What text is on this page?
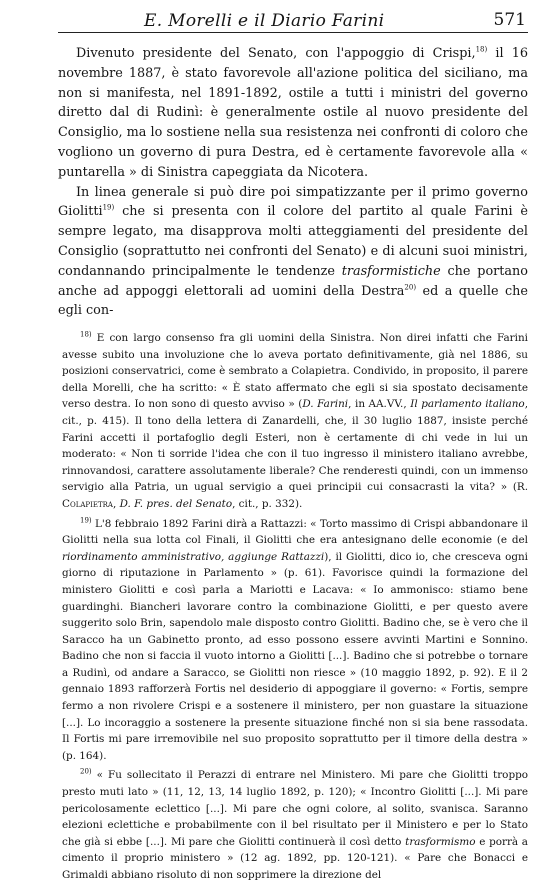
E. Morelli e il Diario Farini	571

Divenuto presidente del Senato, con l'appoggio di Crispi,$^{18)}$ il 16 novembre 1887, è stato favorevole all'azione politica del siciliano, ma non si manifesta, nel 1891-1892, ostile a tutti i ministri del governo diretto dal di Rudinì: è generalmente ostile al nuovo presidente del Consiglio, ma lo sostiene nella sua resistenza nei confronti di coloro che vogliono un governo di pura Destra, ed è certamente favorevole alla « puntarella » di Sinistra capeggiata da Nicotera.

In linea generale si può dire poi simpatizzante per il primo governo Giolitti$^{19)}$ che si presenta con il colore del partito al quale Farini è sempre legato, ma disapprova molti atteggiamenti del presidente del Consiglio (soprattutto nei confronti del Senato) e di alcuni suoi ministri, condannando principalmente le tendenze trasformistiche che portano anche ad appoggi elettorali ad uomini della Destra$^{20)}$ ed a quelle che egli con-

$^{18)}$ E con largo consenso fra gli uomini della Sinistra. Non direi infatti che Farini avesse subito una involuzione che lo aveva portato definitivamente, già nel 1886, su posizioni conservatrici, come è sembrato a Colapietra. Condivido, in proposito, il parere della Morelli, che ha scritto: « È stato affermato che egli si sia spostato decisamente verso destra. Io non sono di questo avviso » (D. Farini, in AA.VV., Il parlamento italiano, cit., p. 415). Il tono della lettera di Zanardelli, che, il 30 luglio 1887, insiste perché Farini accetti il portafoglio degli Esteri, non è certamente di chi vede in lui un moderato: « Non ti sorride l'idea che con il tuo ingresso il ministero italiano avrebbe, rinnovandosi, carattere assolutamente liberale? Che renderesti quindi, con un immenso servigio alla Patria, un ugual servigio a quei principii cui consacrasti la vita? » (R. Colapietra, D. F. pres. del Senato, cit., p. 332).

$^{19)}$ L'8 febbraio 1892 Farini dirà a Rattazzi: « Torto massimo di Crispi abbandonare il Giolitti nella sua lotta col Finali, il Giolitti che era antesignano delle economie (e del riordinamento amministrativo, aggiunge Rattazzi), il Giolitti, dico io, che cresceva ogni giorno di riputazione in Parlamento » (p. 61). Favorisce quindi la formazione del ministero Giolitti e così parla a Mariotti e Lacava: « Io ammonisco: stiamo bene guardinghi. Biancheri lavorare contro la combinazione Giolitti, e per questo avere suggerito solo Brin, sapendolo male disposto contro Giolitti. Badino che, se è vero che il Saracco ha un Gabinetto pronto, ad esso possono essere avvinti Martini e Sonnino. Badino che non si faccia il vuoto intorno a Giolitti [...]. Badino che si potrebbe o tornare a Rudinì, od andare a Saracco, se Giolitti non riesce » (10 maggio 1892, p. 92). E il 2 gennaio 1893 rafforzerà Fortis nel desiderio di appoggiare il governo: « Fortis, sempre fermo a non rivolere Crispi e a sostenere il ministero, per non guastare la situazione [...]. Lo incoraggio a sostenere la presente situazione finché non si sia bene rassodata. Il Fortis mi pare irremovibile nel suo proposito soprattutto per il timore della destra » (p. 164).

$^{20)}$ « Fu sollecitato il Perazzi di entrare nel Ministero. Mi pare che Giolitti troppo presto muti lato » (11, 12, 13, 14 luglio 1892, p. 120); « Incontro Giolitti [...]. Mi pare pericolosamente eclettico [...]. Mi pare che ogni colore, al solito, svanisca. Saranno elezioni eclettiche e probabilmente con il bel risultato per il Ministero e per lo Stato che già si ebbe [...]. Mi pare che Giolitti continuerà il così detto trasformismo e porrà a cimento il proprio ministero » (12 ag. 1892, pp. 120-121). « Pare che Bonacci e Grimaldi abbiano risoluto di non sopprimere la direzione del
